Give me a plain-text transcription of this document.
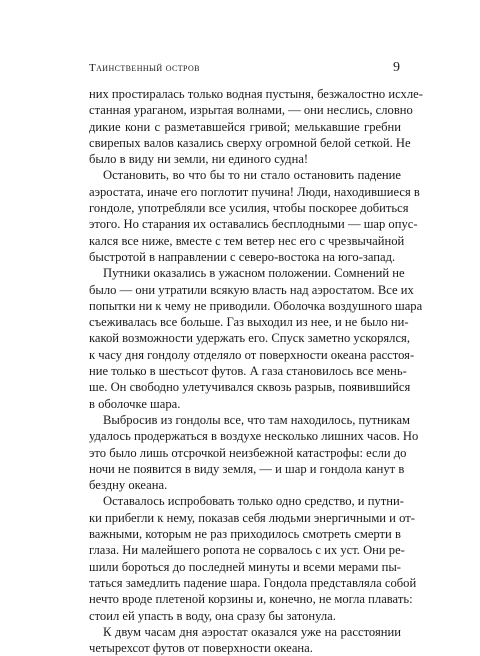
Таинственный остров	9
них простиралась только водная пустыня, безжалостно исхле-
станная ураганом, изрытая волнами, — они неслись, словно
дикие кони с разметавшейся гривой; мелькавшие гребни
свирепых валов казались сверху огромной белой сеткой. Не
было в виду ни земли, ни единого судна!
Остановить, во что бы то ни стало остановить падение
аэростата, иначе его поглотит пучина! Люди, находившиеся в
гондоле, употребляли все усилия, чтобы поскорее добиться
этого. Но старания их оставались бесплодными — шар опус-
кался все ниже, вместе с тем ветер нес его с чрезвычайной
быстротой в направлении с северо-востока на юго-запад.
Путники оказались в ужасном положении. Сомнений не
было — они утратили всякую власть над аэростатом. Все их
попытки ни к чему не приводили. Оболочка воздушного шара
съеживалась все больше. Газ выходил из нее, и не было ни-
какой возможности удержать его. Спуск заметно ускорялся,
к часу дня гондолу отделяло от поверхности океана расстоя-
ние только в шестьсот футов. А газа становилось все мень-
ше. Он свободно улетучивался сквозь разрыв, появившийся
в оболочке шара.
Выбросив из гондолы все, что там находилось, путникам
удалось продержаться в воздухе несколько лишних часов. Но
это было лишь отсрочкой неизбежной катастрофы: если до
ночи не появится в виду земля, — и шар и гондола канут в
бездну океана.
Оставалось испробовать только одно средство, и путни-
ки прибегли к нему, показав себя людьми энергичными и от-
важными, которым не раз приходилось смотреть смерти в
глаза. Ни малейшего ропота не сорвалось с их уст. Они ре-
шили бороться до последней минуты и всеми мерами пы-
таться замедлить падение шара. Гондола представляла собой
нечто вроде плетеной корзины и, конечно, не могла плавать:
стоил ей упасть в воду, она сразу бы затонула.
К двум часам дня аэростат оказался уже на расстоянии
четырехсот футов от поверхности океана.
